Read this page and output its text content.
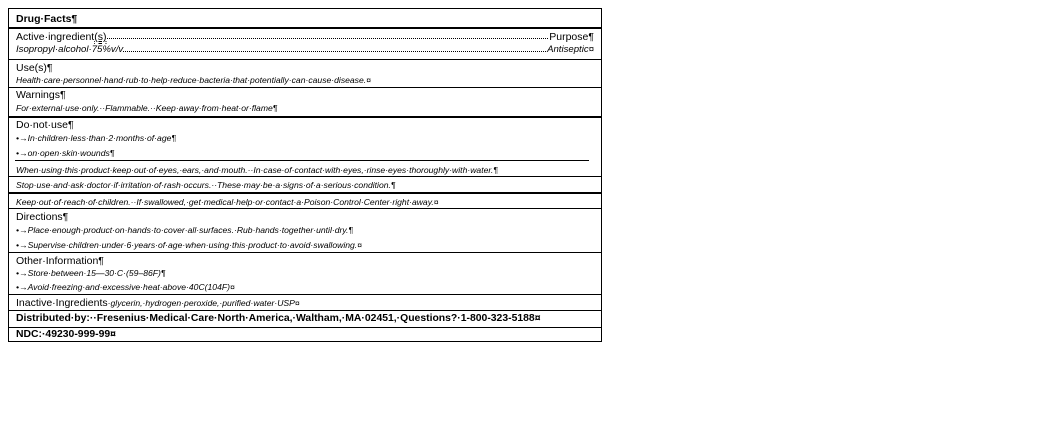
Drug·Facts¶
Active·ingredient(s)	Purpose¶
Isopropyl·alcohol·75%v/v	Antiseptic¤
Use(s)¶
Health·care·personnel·hand·rub·to·help·reduce·bacteria·that·potentially·can·cause·disease.¤
Warnings¶
For·external·use·only.··Flammable.··Keep·away·from·heat·or·flame¶
Do·not·use¶
•→In·children·less·than·2·months·of·age¶
•→on·open·skin·wounds¶
When·using·this·product·keep·out·of·eyes,·ears,·and·mouth.··In·case·of·contact·with·eyes,·rinse·eyes·thoroughly·with·water.¶
Stop·use·and·ask·doctor·if·irritation·of·rash·occurs.··These·may·be·a·signs·of·a·serious·condition.¶
Keep·out·of·reach·of·children.··If·swallowed,·get·medical·help·or·contact·a·Poison·Control·Center·right·away.¤
Directions¶
•→Place·enough·product·on·hands·to·cover·all·surfaces.·Rub·hands·together·until·dry.¶
•→Supervise·children·under·6·years·of·age·when·using·this·product·to·avoid·swallowing.¤
Other·Information¶
•→Store·between·15—30·C·(59–86F)¶
•→Avoid·freezing·and·excessive·heat·above·40C(104F)¤
Inactive·Ingredients·glycerin,·hydrogen·peroxide,·purified·water·USP¤
Distributed·by:··Fresenius·Medical·Care·North·America,·Waltham,·MA·02451,·Questions?·1-800-323-5188¤
NDC:·49230-999-99¤
